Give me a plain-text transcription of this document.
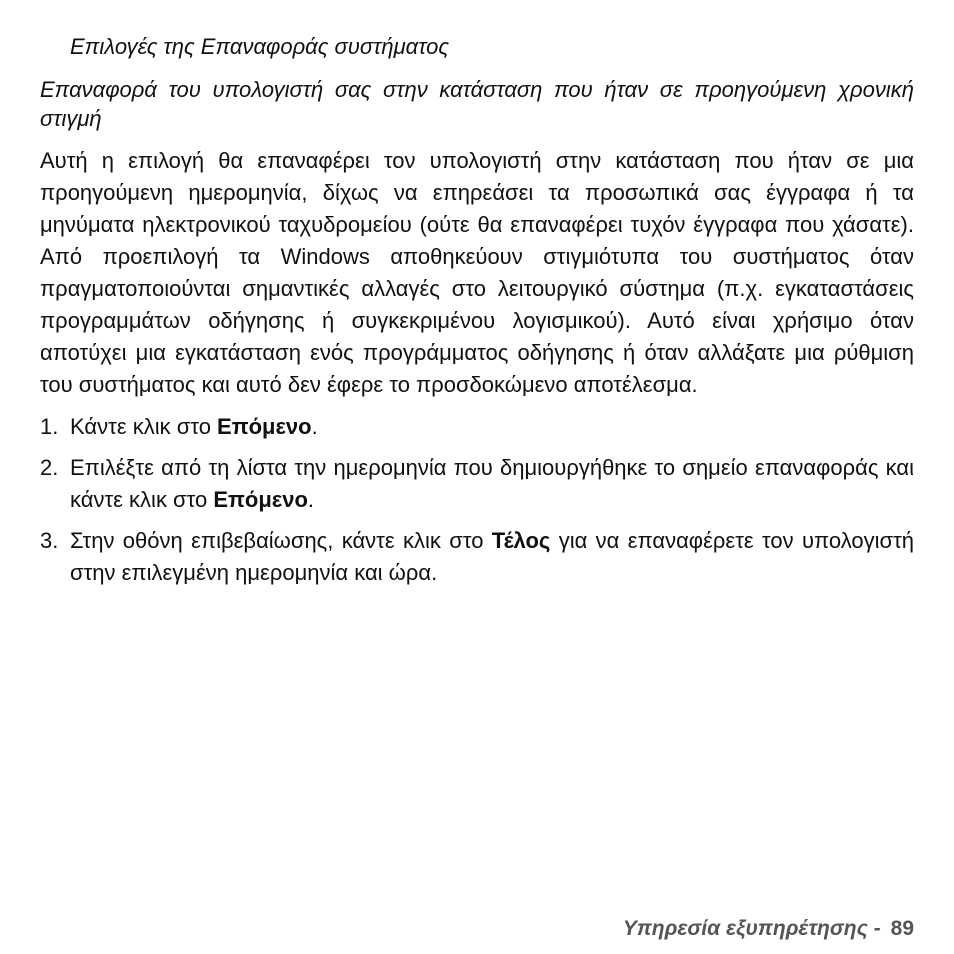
Επιλογές της Επαναφοράς συστήματος
Επαναφορά του υπολογιστή σας στην κατάσταση που ήταν σε προηγούμενη χρονική στιγμή

Αυτή η επιλογή θα επαναφέρει τον υπολογιστή στην κατάσταση που ήταν σε μια προηγούμενη ημερομηνία, δίχως να επηρεάσει τα προσωπικά σας έγγραφα ή τα μηνύματα ηλεκτρονικού ταχυδρομείου (ούτε θα επαναφέρει τυχόν έγγραφα που χάσατε). Από προεπιλογή τα Windows αποθηκεύουν στιγμιότυπα του συστήματος όταν πραγματοποιούνται σημαντικές αλλαγές στο λειτουργικό σύστημα (π.χ. εγκαταστάσεις προγραμμάτων οδήγησης ή συγκεκριμένου λογισμικού). Αυτό είναι χρήσιμο όταν αποτύχει μια εγκατάσταση ενός προγράμματος οδήγησης ή όταν αλλάξατε μια ρύθμιση του συστήματος και αυτό δεν έφερε το προσδοκώμενο αποτέλεσμα.

1. Κάντε κλικ στο Επόμενο.
2. Επιλέξτε από τη λίστα την ημερομηνία που δημιουργήθηκε το σημείο επαναφοράς και κάντε κλικ στο Επόμενο.
3. Στην οθόνη επιβεβαίωσης, κάντε κλικ στο Τέλος για να επαναφέρετε τον υπολογιστή στην επιλεγμένη ημερομηνία και ώρα.
Υπηρεσία εξυπηρέτησης - 89
